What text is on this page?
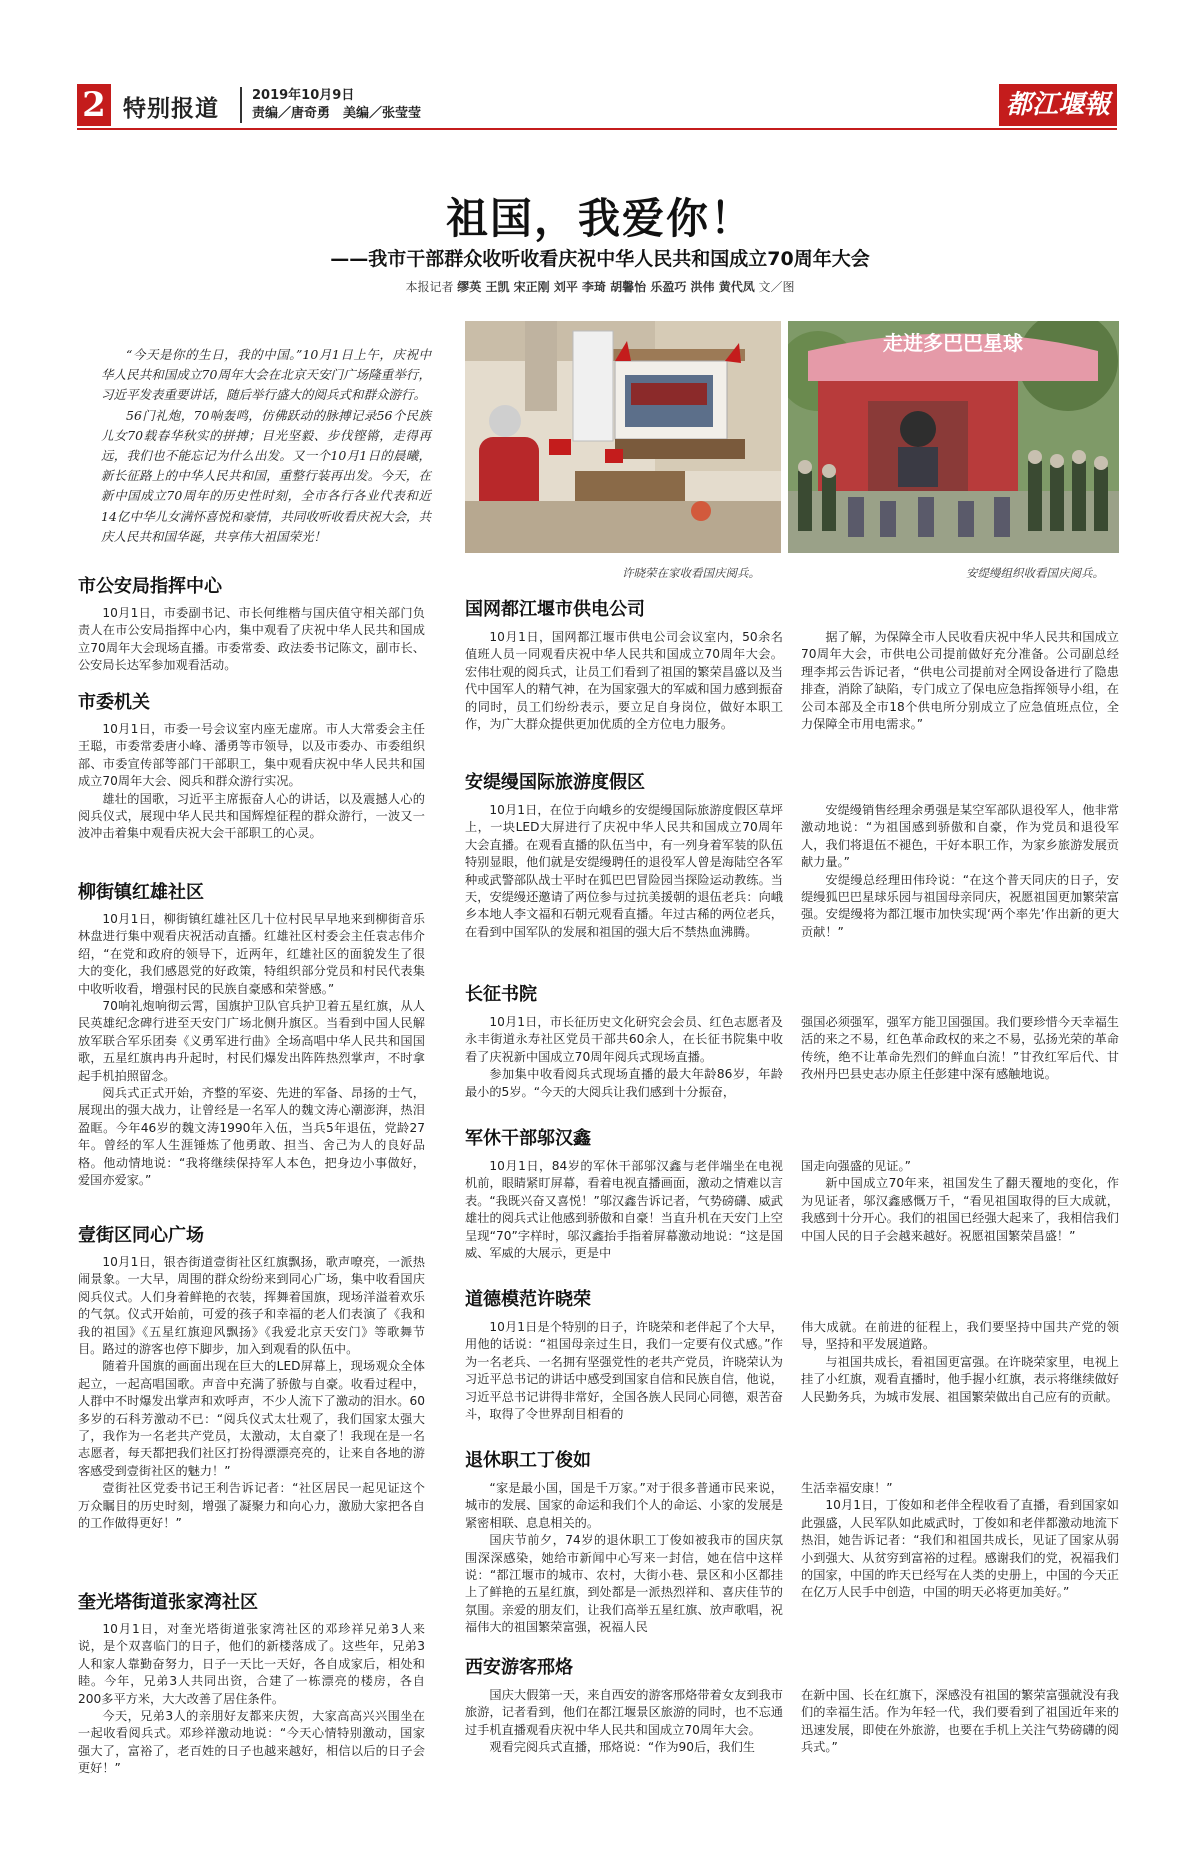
2 特别报道
2019年10月9日
责编／唐奇勇　美编／张莹莹	都江堰報
祖国，我爱你！
——我市干部群众收听收看庆祝中华人民共和国成立70周年大会
本报记者 缪英 王凯 宋正刚 刘平 李琦 胡馨怡 乐盈巧 洪伟 黄代凤 文／图

“今天是你的生日，我的中国。”10月1日上午，庆祝中华人民共和国成立70周年大会在北京天安门广场隆重举行，习近平发表重要讲话，随后举行盛大的阅兵式和群众游行。

56门礼炮，70响轰鸣，仿佛跃动的脉搏记录56个民族儿女70载春华秋实的拼搏；目光坚毅、步伐铿锵，走得再远，我们也不能忘记为什么出发。又一个10月1日的晨曦，新长征路上的中华人民共和国，重整行装再出发。今天，在新中国成立70周年的历史性时刻，全市各行各业代表和近14亿中华儿女满怀喜悦和豪情，共同收听收看庆祝大会，共庆人民共和国华诞，共享伟大祖国荣光！

许晓荣在家收看国庆阅兵。
走进多巴巴星球
安缇缦组织收看国庆阅兵。
市公安局指挥中心

10月1日，市委副书记、市长何维楷与国庆值守相关部门负责人在市公安局指挥中心内，集中观看了庆祝中华人民共和国成立70周年大会现场直播。市委常委、政法委书记陈文，副市长、公安局长达军参加观看活动。

市委机关

10月1日，市委一号会议室内座无虚席。市人大常委会主任王聪，市委常委唐小峰、潘勇等市领导，以及市委办、市委组织部、市委宣传部等部门干部职工，集中观看庆祝中华人民共和国成立70周年大会、阅兵和群众游行实况。

雄壮的国歌，习近平主席振奋人心的讲话，以及震撼人心的阅兵仪式，展现中华人民共和国辉煌征程的群众游行，一波又一波冲击着集中观看庆祝大会干部职工的心灵。

柳街镇红雄社区

10月1日，柳街镇红雄社区几十位村民早早地来到柳街音乐林盘进行集中观看庆祝活动直播。红雄社区村委会主任袁志伟介绍，“在党和政府的领导下，近两年，红雄社区的面貌发生了很大的变化，我们感恩党的好政策，特组织部分党员和村民代表集中收听收看，增强村民的民族自豪感和荣誉感。”

70响礼炮响彻云霄，国旗护卫队官兵护卫着五星红旗，从人民英雄纪念碑行进至天安门广场北侧升旗区。当看到中国人民解放军联合军乐团奏《义勇军进行曲》全场高唱中华人民共和国国歌，五星红旗冉冉升起时，村民们爆发出阵阵热烈掌声，不时拿起手机拍照留念。

阅兵式正式开始，齐整的军姿、先进的军备、昂扬的士气，展现出的强大战力，让曾经是一名军人的魏文涛心潮澎湃，热泪盈眶。今年46岁的魏文涛1990年入伍，当兵5年退伍，党龄27年。曾经的军人生涯锤炼了他勇敢、担当、舍己为人的良好品格。他动情地说：“我将继续保持军人本色，把身边小事做好，爱国亦爱家。”

壹街区同心广场

10月1日，银杏街道壹街社区红旗飘扬，歌声嘹亮，一派热闹景象。一大早，周围的群众纷纷来到同心广场，集中收看国庆阅兵仪式。人们身着鲜艳的衣装，挥舞着国旗，现场洋溢着欢乐的气氛。仪式开始前，可爱的孩子和幸福的老人们表演了《我和我的祖国》《五星红旗迎风飘扬》《我爱北京天安门》等歌舞节目。路过的游客也停下脚步，加入到观看的队伍中。

随着升国旗的画面出现在巨大的LED屏幕上，现场观众全体起立，一起高唱国歌。声音中充满了骄傲与自豪。收看过程中，人群中不时爆发出掌声和欢呼声，不少人流下了激动的泪水。60多岁的石科芳激动不已：“阅兵仪式太壮观了，我们国家太强大了，我作为一名老共产党员，太激动，太自豪了！我现在是一名志愿者，每天都把我们社区打扮得漂漂亮亮的，让来自各地的游客感受到壹街社区的魅力！”

壹街社区党委书记王利告诉记者：“社区居民一起见证这个万众瞩目的历史时刻，增强了凝聚力和向心力，激励大家把各自的工作做得更好！”

奎光塔街道张家湾社区

10月1日，对奎光塔街道张家湾社区的邓珍祥兄弟3人来说，是个双喜临门的日子，他们的新楼落成了。这些年，兄弟3人和家人靠勤奋努力，日子一天比一天好，各自成家后，相处和睦。今年，兄弟3人共同出资，合建了一栋漂亮的楼房，各自200多平方米，大大改善了居住条件。

今天，兄弟3人的亲朋好友都来庆贺，大家高高兴兴围坐在一起收看阅兵式。邓珍祥激动地说：“今天心情特别激动，国家强大了，富裕了，老百姓的日子也越来越好，相信以后的日子会更好！”

国网都江堰市供电公司

10月1日，国网都江堰市供电公司会议室内，50余名值班人员一同观看庆祝中华人民共和国成立70周年大会。宏伟壮观的阅兵式，让员工们看到了祖国的繁荣昌盛以及当代中国军人的精气神，在为国家强大的军威和国力感到振奋的同时，员工们纷纷表示，要立足自身岗位，做好本职工作，为广大群众提供更加优质的全方位电力服务。

据了解，为保障全市人民收看庆祝中华人民共和国成立70周年大会，市供电公司提前做好充分准备。公司副总经理李邦云告诉记者，“供电公司提前对全网设备进行了隐患排查，消除了缺陷，专门成立了保电应急指挥领导小组，在公司本部及全市18个供电所分别成立了应急值班点位，全力保障全市用电需求。”

安缇缦国际旅游度假区

10月1日，在位于向峨乡的安缇缦国际旅游度假区草坪上，一块LED大屏进行了庆祝中华人民共和国成立70周年大会直播。在观看直播的队伍当中，有一列身着军装的队伍特别显眼，他们就是安缇缦聘任的退役军人曾是海陆空各军种或武警部队战士平时在狐巴巴冒险园当探险运动教练。当天，安缇缦还邀请了两位参与过抗美援朝的退伍老兵：向峨乡本地人李文福和石朝元观看直播。年过古稀的两位老兵，在看到中国军队的发展和祖国的强大后不禁热血沸腾。

安缇缦销售经理余勇强是某空军部队退役军人，他非常激动地说：“为祖国感到骄傲和自豪，作为党员和退役军人，我们将退伍不褪色，干好本职工作，为家乡旅游发展贡献力量。”

安缇缦总经理田伟玲说：“在这个普天同庆的日子，安缇缦狐巴巴星球乐园与祖国母亲同庆，祝愿祖国更加繁荣富强。安缇缦将为都江堰市加快实现‘两个率先’作出新的更大贡献！”

长征书院

10月1日，市长征历史文化研究会会员、红色志愿者及永丰街道永寿社区党员干部共60余人，在长征书院集中收看了庆祝新中国成立70周年阅兵式现场直播。

参加集中收看阅兵式现场直播的最大年龄86岁，年龄最小的5岁。“今天的大阅兵让我们感到十分振奋，

强国必须强军，强军方能卫国强国。我们要珍惜今天幸福生活的来之不易，红色革命政权的来之不易，弘扬光荣的革命传统，绝不让革命先烈们的鲜血白流！”甘孜红军后代、甘孜州丹巴县史志办原主任彭建中深有感触地说。

军休干部邬汉鑫

10月1日，84岁的军休干部邬汉鑫与老伴端坐在电视机前，眼睛紧盯屏幕，看着电视直播画面，激动之情难以言表。“我既兴奋又喜悦！”邬汉鑫告诉记者，气势磅礴、威武雄壮的阅兵式让他感到骄傲和自豪！当直升机在天安门上空呈现“70”字样时，邬汉鑫抬手指着屏幕激动地说：“这是国威、军威的大展示，更是中

国走向强盛的见证。”

新中国成立70年来，祖国发生了翻天覆地的变化，作为见证者，邬汉鑫感慨万千，“看见祖国取得的巨大成就，我感到十分开心。我们的祖国已经强大起来了，我相信我们中国人民的日子会越来越好。祝愿祖国繁荣昌盛！”

道德模范许晓荣

10月1日是个特别的日子，许晓荣和老伴起了个大早，用他的话说：“祖国母亲过生日，我们一定要有仪式感。”作为一名老兵、一名拥有坚强党性的老共产党员，许晓荣认为习近平总书记的讲话中感受到国家自信和民族自信，他说，习近平总书记讲得非常好，全国各族人民同心同德，艰苦奋斗，取得了令世界刮目相看的

伟大成就。在前进的征程上，我们要坚持中国共产党的领导，坚持和平发展道路。

与祖国共成长，看祖国更富强。在许晓荣家里，电视上挂了小红旗，观看直播时，他手握小红旗，表示将继续做好人民勤务兵，为城市发展、祖国繁荣做出自己应有的贡献。

退休职工丁俊如

“家是最小国，国是千万家。”对于很多普通市民来说，城市的发展、国家的命运和我们个人的命运、小家的发展是紧密相联、息息相关的。

国庆节前夕，74岁的退休职工丁俊如被我市的国庆氛围深深感染，她给市新闻中心写来一封信，她在信中这样说：“都江堰市的城市、农村，大街小巷、景区和小区都挂上了鲜艳的五星红旗，到处都是一派热烈祥和、喜庆佳节的氛围。亲爱的朋友们，让我们高举五星红旗、放声歌唱，祝福伟大的祖国繁荣富强，祝福人民

生活幸福安康！”

10月1日，丁俊如和老伴全程收看了直播，看到国家如此强盛，人民军队如此威武时，丁俊如和老伴都激动地流下热泪，她告诉记者：“我们和祖国共成长，见证了国家从弱小到强大、从贫穷到富裕的过程。感谢我们的党，祝福我们的国家，中国的昨天已经写在人类的史册上，中国的今天正在亿万人民手中创造，中国的明天必将更加美好。”

西安游客邢烙

国庆大假第一天，来自西安的游客邢烙带着女友到我市旅游，记者看到，他们在都江堰景区旅游的同时，也不忘通过手机直播观看庆祝中华人民共和国成立70周年大会。

观看完阅兵式直播，邢烙说：“作为90后，我们生

在新中国、长在红旗下，深感没有祖国的繁荣富强就没有我们的幸福生活。作为年轻一代，我们要看到了祖国近年来的迅速发展，即使在外旅游，也要在手机上关注气势磅礴的阅兵式。”
